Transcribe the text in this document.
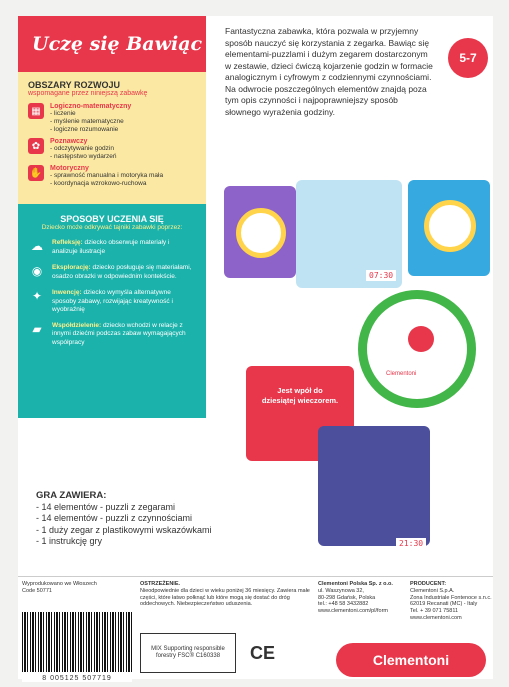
Uczę się Bawiąc
OBSZARY ROZWOJU
wspomagane przez niniejszą zabawkę
▦	Logiczno-matematyczny
- liczenie
- myślenie matematyczne
- logiczne rozumowanie
✿	Poznawczy
- odczytywanie godzin
- następstwo wydarzeń
✋ Motoryczny
- sprawność manualna i motoryka mała
- koordynacja wzrokowo-ruchowa
SPOSOBY UCZENIA SIĘ
Dziecko może odkrywać tajniki zabawki poprzez:
☁	Refleksję: dziecko obserwuje materiały i analizuje ilustracje
◉	Eksplorację: dziecko posługuje się materiałami, osadzo obrazki w odpowiednim kontekście.
✦	Inwencję: dziecko wymyśla alternatywne sposoby zabawy, rozwijając kreatywność i wyobraźnię
▰	Współdzielenie: dziecko wchodzi w relacje z innymi dziećmi podczas zabaw wymagających współpracy
Fantastyczna zabawka, która pozwala w przyjemny sposób nauczyć się korzystania z zegarka. Bawiąc się elementami-puzzlami i dużym zegarem dostarczonym w zestawie, dzieci ćwiczą kojarzenie godzin w formacie analogicznym i cyfrowym z codziennymi czynnościami. Na odwrocie poszczególnych elementów znajdą poza tym opis czynności i najpoprawniejszy sposób słownego wyrażenia godziny.
5-7
07:30
Clementoni
Jest wpół do dziesiątej wieczorem.
21:30
GRA ZAWIERA:
- 14 elementów - puzzli z zegarami
- 14 elementów - puzzli z czynnościami
- 1 duży zegar z plastikowymi wskazówkami
- 1 instrukcję gry
Wyprodukowano we Włoszech
Code 50771
OSTRZEŻENIE.
Nieodpowiednie dla dzieci w wieku poniżej 36 miesięcy. Zawiera małe części, które łatwo połknąć lub które mogą się dostać do dróg oddechowych. Niebezpieczeństwo uduszenia.
Clementoni Polska Sp. z o.o.
ul. Waszynowa 32,
80-298 Gdańsk, Polska
tel.: +48 58 3432882
www.clementoni.com/pl/form
PRODUCENT:
Clementoni S.p.A.
Zona Industriale Fontenoce s.n.c.
62019 Recanati (MC) - Italy
Tel. + 39 071 75811
www.clementoni.com
8 005125 507719
MIX Supporting responsible forestry FSC® C160338	CE	Clementoni
